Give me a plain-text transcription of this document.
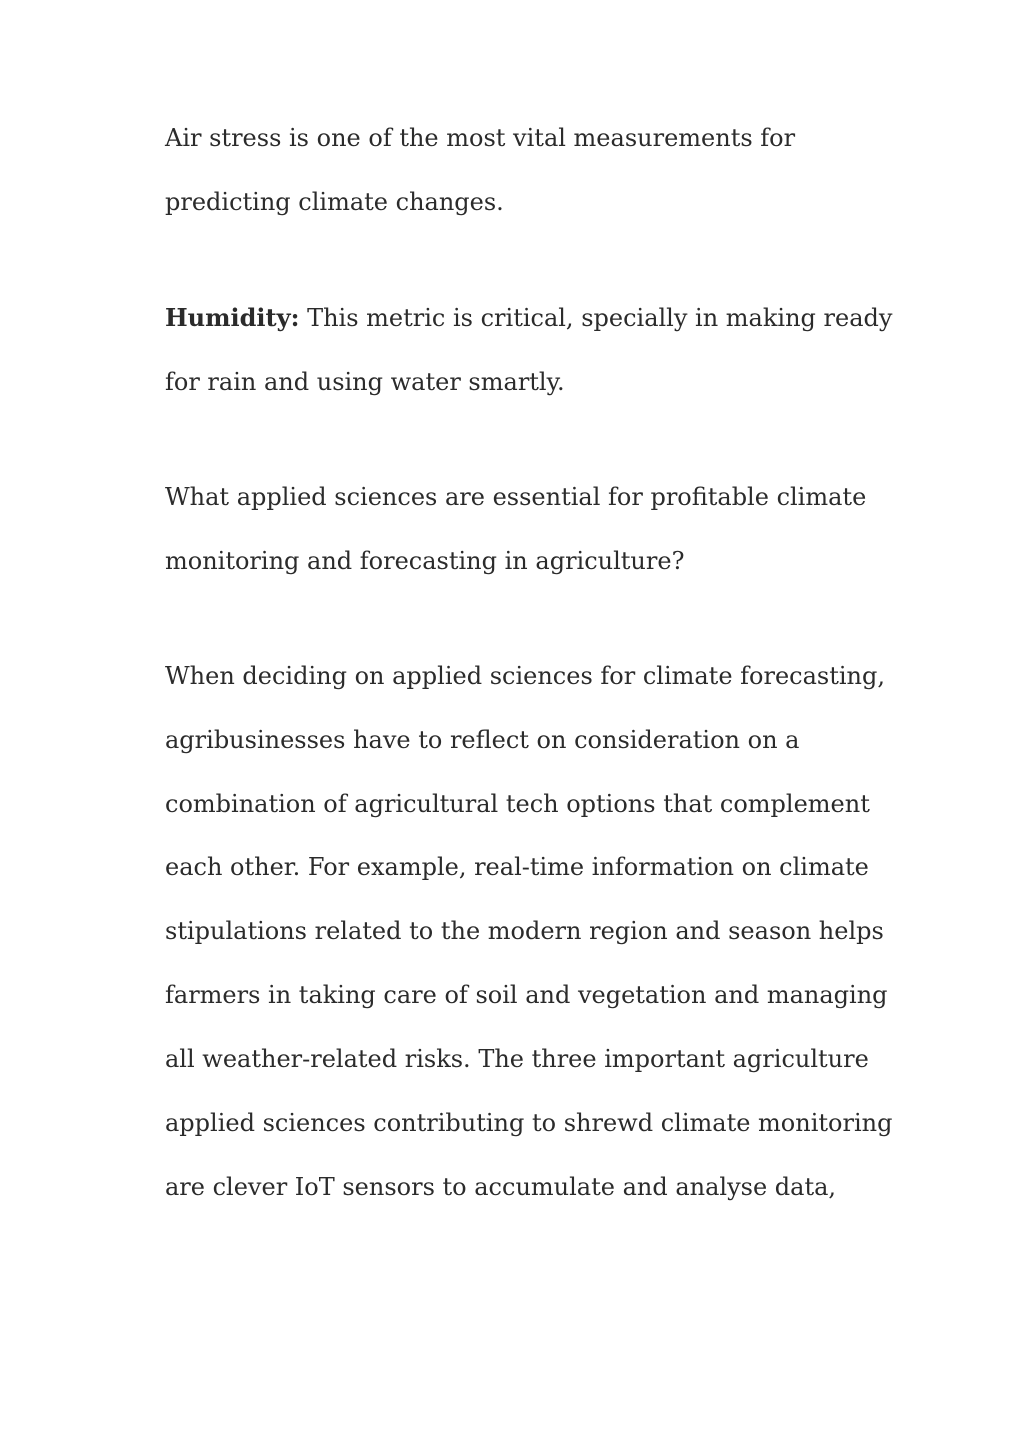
Air stress is one of the most vital measurements for

predicting climate changes.

Humidity: This metric is critical, specially in making ready

for rain and using water smartly.

What applied sciences are essential for profitable climate

monitoring and forecasting in agriculture?

When deciding on applied sciences for climate forecasting,

agribusinesses have to reflect on consideration on a

combination of agricultural tech options that complement

each other. For example, real-time information on climate

stipulations related to the modern region and season helps

farmers in taking care of soil and vegetation and managing

all weather-related risks. The three important agriculture

applied sciences contributing to shrewd climate monitoring

are clever IoT sensors to accumulate and analyse data,
